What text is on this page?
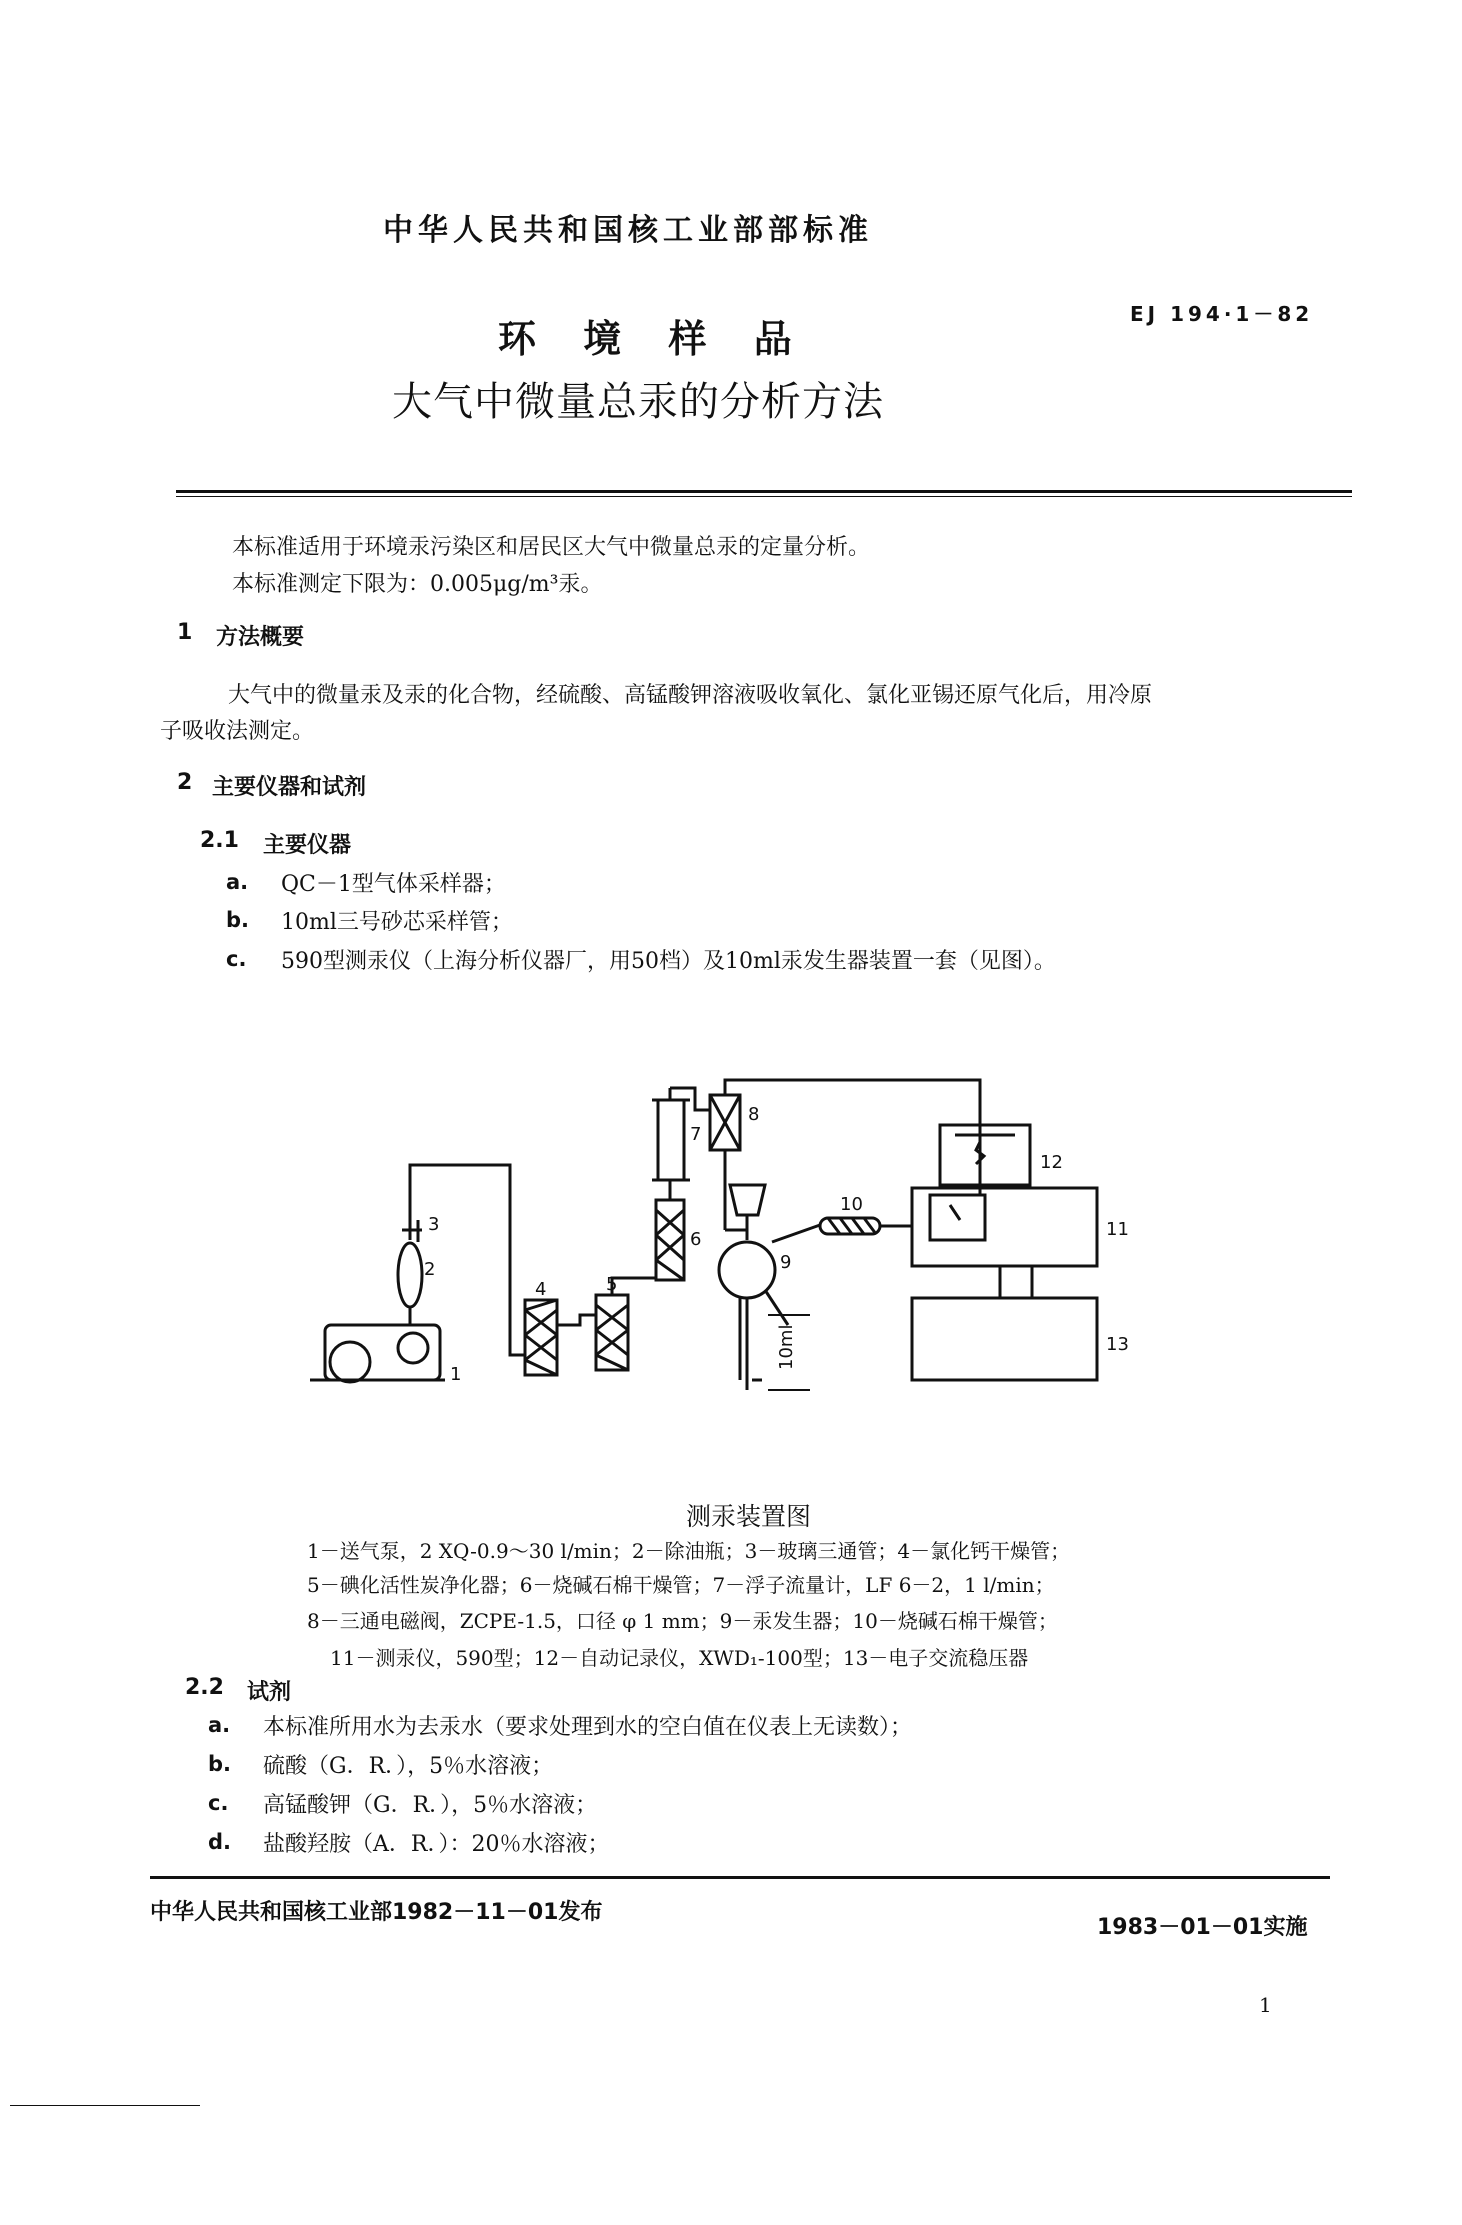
中华人民共和国核工业部部标准
EJ 194·1－82
环 境 样 品
大气中微量总汞的分析方法
本标准适用于环境汞污染区和居民区大气中微量总汞的定量分析。
本标准测定下限为：0.005μg/m³汞。
1 方法概要
大气中的微量汞及汞的化合物，经硫酸、高锰酸钾溶液吸收氧化、氯化亚锡还原气化后，用冷原
子吸收法测定。
2 主要仪器和试剂
2.1 主要仪器
a. QC－1型气体采样器；
b. 10ml三号砂芯采样管；
c. 590型测汞仪（上海分析仪器厂，用50档）及10ml汞发生器装置一套（见图）。
1
2
3
4	5
6
7
8
9
10
11
12
13
10ml
测汞装置图
1－送气泵，2 XQ-0.9～30 l/min；2－除油瓶；3－玻璃三通管；4－氯化钙干燥管；
5－碘化活性炭净化器；6－烧碱石棉干燥管；7－浮子流量计，LF 6－2，1 l/min；
8－三通电磁阀，ZCPE-1.5，口径 φ 1 mm；9－汞发生器；10－烧碱石棉干燥管；
11－测汞仪，590型；12－自动记录仪，XWD₁-100型；13－电子交流稳压器
2.2 试剂
a. 本标准所用水为去汞水（要求处理到水的空白值在仪表上无读数）；
b. 硫酸（G．R．），5％水溶液；
c. 高锰酸钾（G．R．），5％水溶液；
d. 盐酸羟胺（A．R．）：20％水溶液；
中华人民共和国核工业部1982－11－01发布
1983－01－01实施
1
